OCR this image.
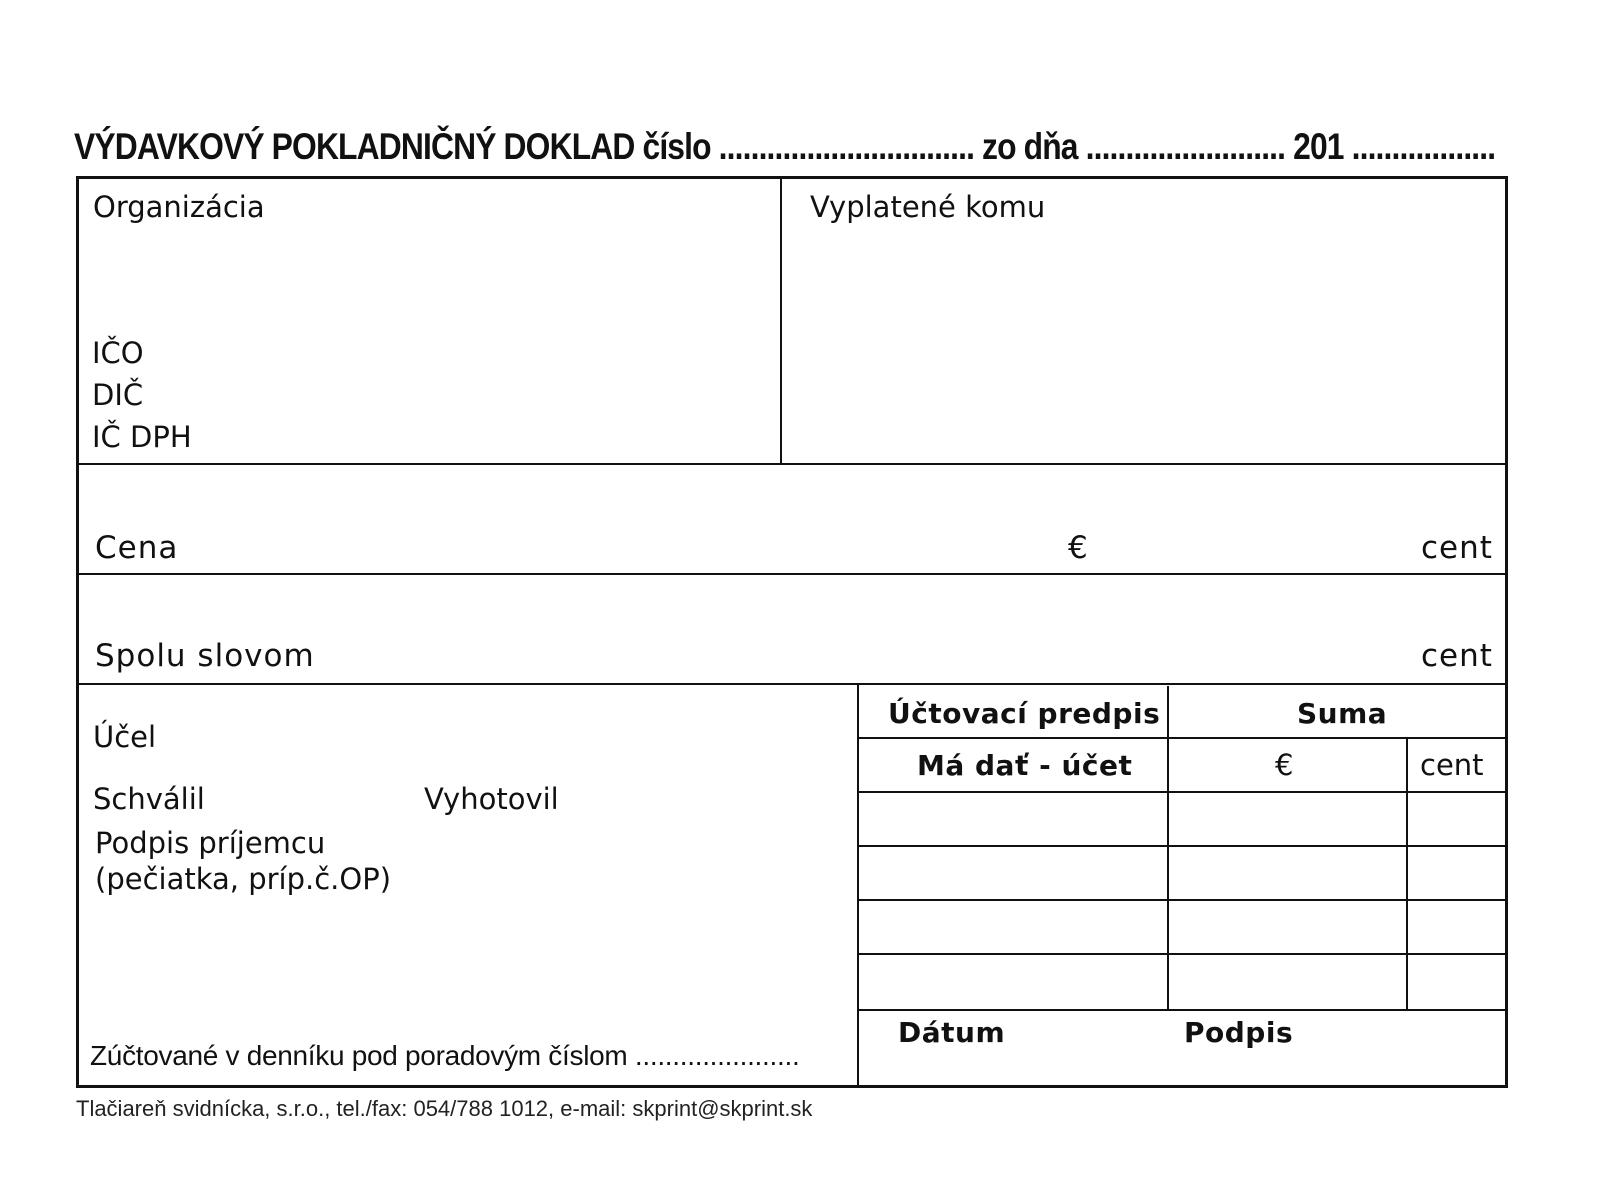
VÝDAVKOVÝ POKLADNIČNÝ DOKLAD číslo ................................ zo dňa ......................... 201 ..................
Organizácia
IČO
DIČ
IČ DPH
Vyplatené komu
Cena	€	cent
Spolu slovom	cent
Účel
Schválil	Vyhotovil
Podpis príjemcu
(pečiatka, príp.č.OP)
Zúčtované v denníku pod poradovým číslom ......................
Účtovací predpis	Suma
Má dať - účet	€	cent
Dátum	Podpis
Tlačiareň svidnícka, s.r.o., tel./fax: 054/788 1012, e-mail: skprint@skprint.sk
